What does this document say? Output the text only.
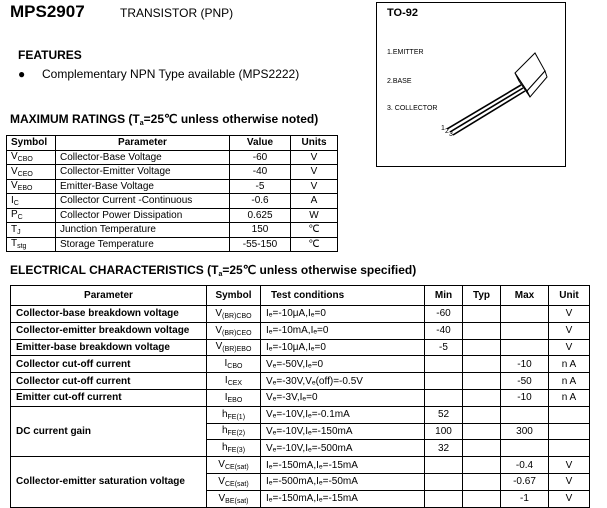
MPS2907	TRANSISTOR (PNP)	TO-92
1.EMITTER
2.BASE
3. COLLECTOR
1 2 3
FEATURES
● Complementary NPN Type available (MPS2222)
MAXIMUM RATINGS ($T_a=25℃$ unless otherwise noted)
Symbol	Parameter	Value	Units
$V_{CBO}$	Collector-Base Voltage	-60	V
$V_{CEO}$	Collector-Emitter Voltage	-40	V
$V_{EBO}$	Emitter-Base Voltage	-5	V
$I_C$	Collector Current -Continuous	-0.6	A
$P_C$	Collector Power Dissipation	0.625	W
$T_J$	Junction Temperature	150	℃
$T_{stg}$	Storage Temperature	-55-150	℃
ELECTRICAL CHARACTERISTICS ($T_a=25℃$ unless otherwise specified)
Parameter	Symbol	Test conditions	Min	Typ	Max	Unit
Collector-base breakdown voltage	$V_{(BR)CBO}$	Iₑ=-10μA,Iₑ=0	-60			V
Collector-emitter breakdown voltage	$V_{(BR)CEO}$	Iₑ=-10mA,Iₑ=0	-40			V
Emitter-base breakdown voltage	$V_{(BR)EBO}$	Iₑ=-10μA,Iₑ=0	-5			V
Collector cut-off current	$I_{CBO}$	Vₑ=-50V,Iₑ=0			-10	n A
Collector cut-off current	$I_{CEX}$	Vₑ=-30V,Vₑ(off)=-0.5V			-50	n A
Emitter cut-off current	$I_{EBO}$	Vₑ=-3V,Iₑ=0			-10	n A
DC current gain	$h_{FE(1)}$	Vₑ=-10V,Iₑ=-0.1mA	52			
	$h_{FE(2)}$	Vₑ=-10V,Iₑ=-150mA	100		300	
	$h_{FE(3)}$	Vₑ=-10V,Iₑ=-500mA	32			
Collector-emitter saturation voltage	$V_{CE(sat)}$	Iₑ=-150mA,Iₑ=-15mA			-0.4	V
	$V_{CE(sat)}$	Iₑ=-500mA,Iₑ=-50mA			-0.67	V
	$V_{BE(sat)}$	Iₑ=-150mA,Iₑ=-15mA			-1	V
